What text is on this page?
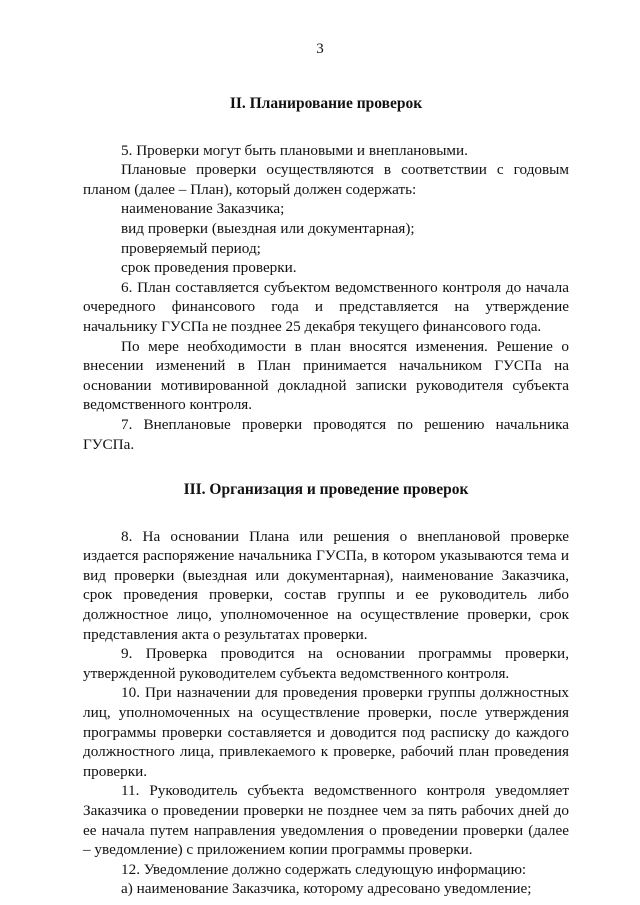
3
II. Планирование проверок

5. Проверки могут быть плановыми и внеплановыми.

Плановые проверки осуществляются в соответствии с годовым планом (далее – План), который должен содержать:

наименование Заказчика;

вид проверки (выездная или документарная);

проверяемый период;

срок проведения проверки.

6. План составляется субъектом ведомственного контроля до начала очередного финансового года и представляется на утверждение начальнику ГУСПа не позднее 25 декабря текущего финансового года.

По мере необходимости в план вносятся изменения. Решение о внесении изменений в План принимается начальником ГУСПа на основании мотивированной докладной записки руководителя субъекта ведомственного контроля.

7. Внеплановые проверки проводятся по решению начальника ГУСПа.

III. Организация и проведение проверок

8. На основании Плана или решения о внеплановой проверке издается распоряжение начальника ГУСПа, в котором указываются тема и вид проверки (выездная или документарная), наименование Заказчика, срок проведения проверки, состав группы и ее руководитель либо должностное лицо, уполномоченное на осуществление проверки, срок представления акта о результатах проверки.

9. Проверка проводится на основании программы проверки, утвержденной руководителем субъекта ведомственного контроля.

10. При назначении для проведения проверки группы должностных лиц, уполномоченных на осуществление проверки, после утверждения программы проверки составляется и доводится под расписку до каждого должностного лица, привлекаемого к проверке, рабочий план проведения проверки.

11. Руководитель субъекта ведомственного контроля уведомляет Заказчика о проведении проверки не позднее чем за пять рабочих дней до ее начала путем направления уведомления о проведении проверки (далее – уведомление) с приложением копии программы проверки.

12. Уведомление должно содержать следующую информацию:

а) наименование Заказчика, которому адресовано уведомление;
